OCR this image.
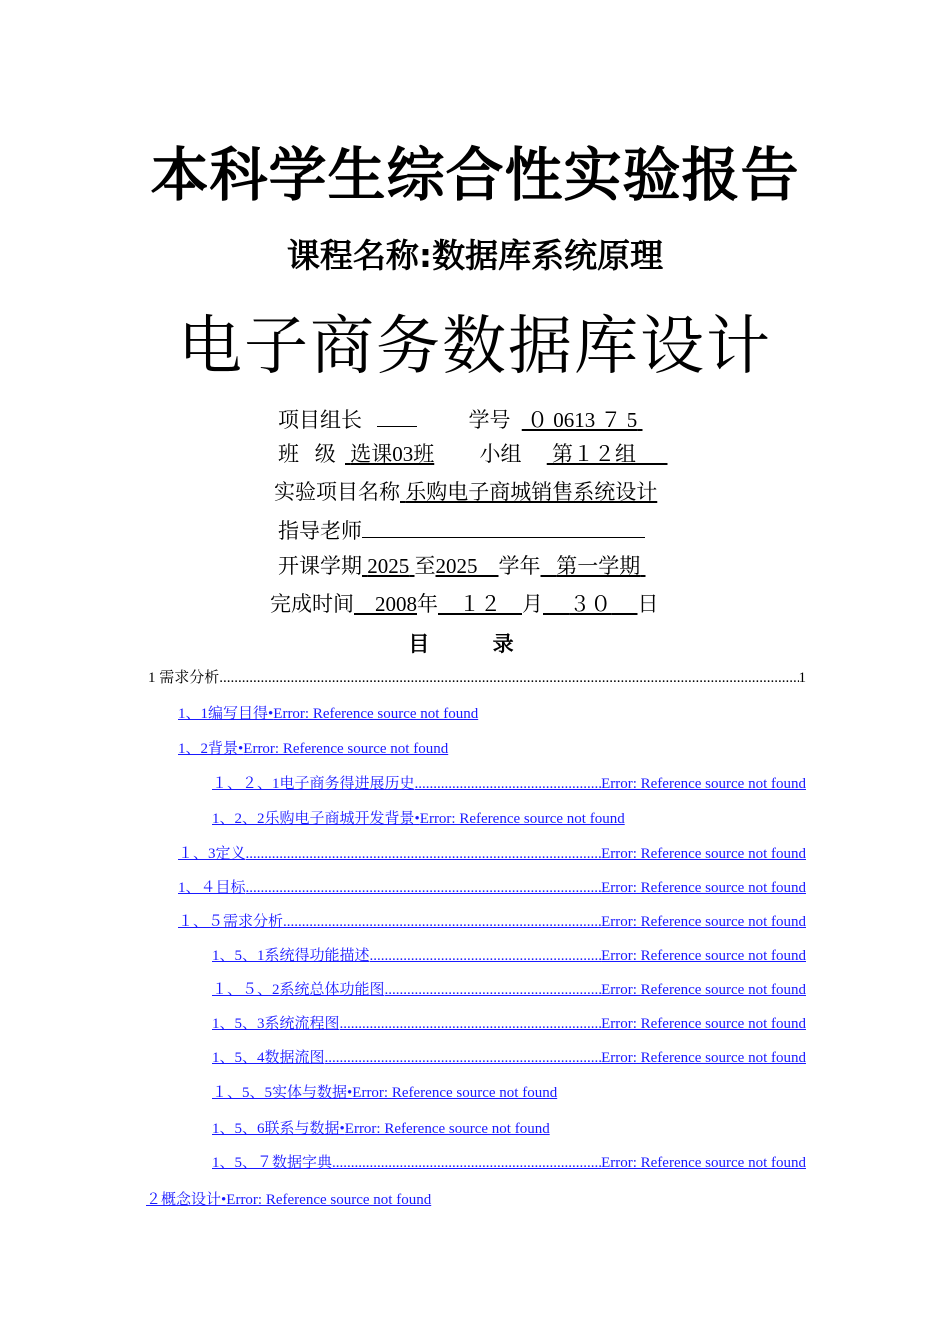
本科学生综合性实验报告
课程名称:数据库系统原理
电子商务数据库设计
项目组长	学号 ０ 0613 ７ 5
班   级 选课03班 小组 第１２组
实验项目名称 乐购电子商城销售系统设计
指导老师
开课学期 2025 至2025 学年 第一学期
完成时间 2008年 １２ 月 ３０ 日
目 录
1 需求分析 .....	1
1、1编写目得 • Error: Reference source not found
1、2背景 • Error: Reference source not found
１、２、1电子商务得进展历史 .....	Error: Reference source not found
1、2、2乐购电子商城开发背景 • Error: Reference source not found
１、3定义 .....	Error: Reference source not found
1、４目标 .....	Error: Reference source not found
１、５需求分析 .....	Error: Reference source not found
1、5、1系统得功能描述 .....	Error: Reference source not found
１、５、2系统总体功能图 .....	Error: Reference source not found
1、5、3系统流程图 .....	Error: Reference source not found
1、5、4数据流图 .....	Error: Reference source not found
１、5、5实体与数据 • Error: Reference source not found
1、5、6联系与数据 • Error: Reference source not found
1、5、７数据字典 .....	Error: Reference source not found
２概念设计 • Error: Reference source not found
